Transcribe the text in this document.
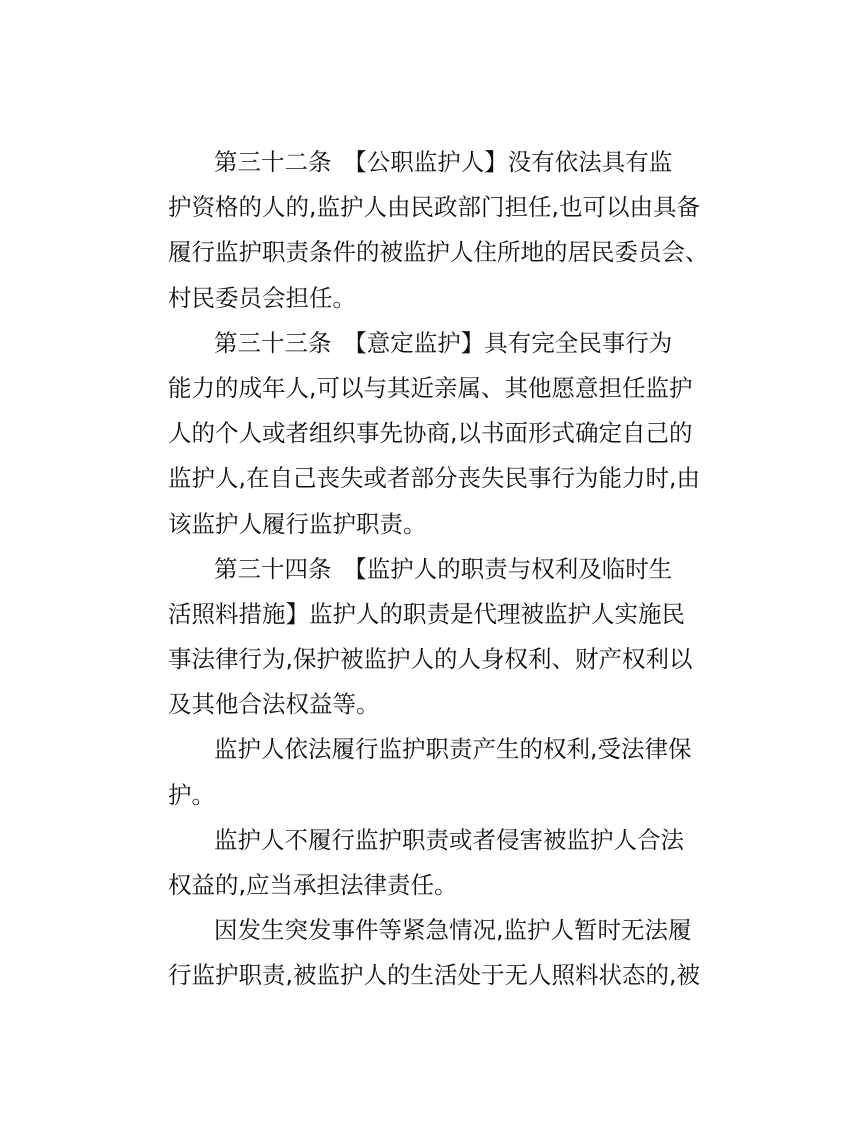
第三十二条　【公职监护人】没有依法具有监
护资格的人的,监护人由民政部门担任,也可以由具备
履行监护职责条件的被监护人住所地的居民委员会、
村民委员会担任。
第三十三条　【意定监护】具有完全民事行为
能力的成年人,可以与其近亲属、其他愿意担任监护
人的个人或者组织事先协商,以书面形式确定自己的
监护人,在自己丧失或者部分丧失民事行为能力时,由
该监护人履行监护职责。
第三十四条　【监护人的职责与权利及临时生
活照料措施】监护人的职责是代理被监护人实施民
事法律行为,保护被监护人的人身权利、财产权利以
及其他合法权益等。
监护人依法履行监护职责产生的权利,受法律保
护。
监护人不履行监护职责或者侵害被监护人合法
权益的,应当承担法律责任。
因发生突发事件等紧急情况,监护人暂时无法履
行监护职责,被监护人的生活处于无人照料状态的,被
